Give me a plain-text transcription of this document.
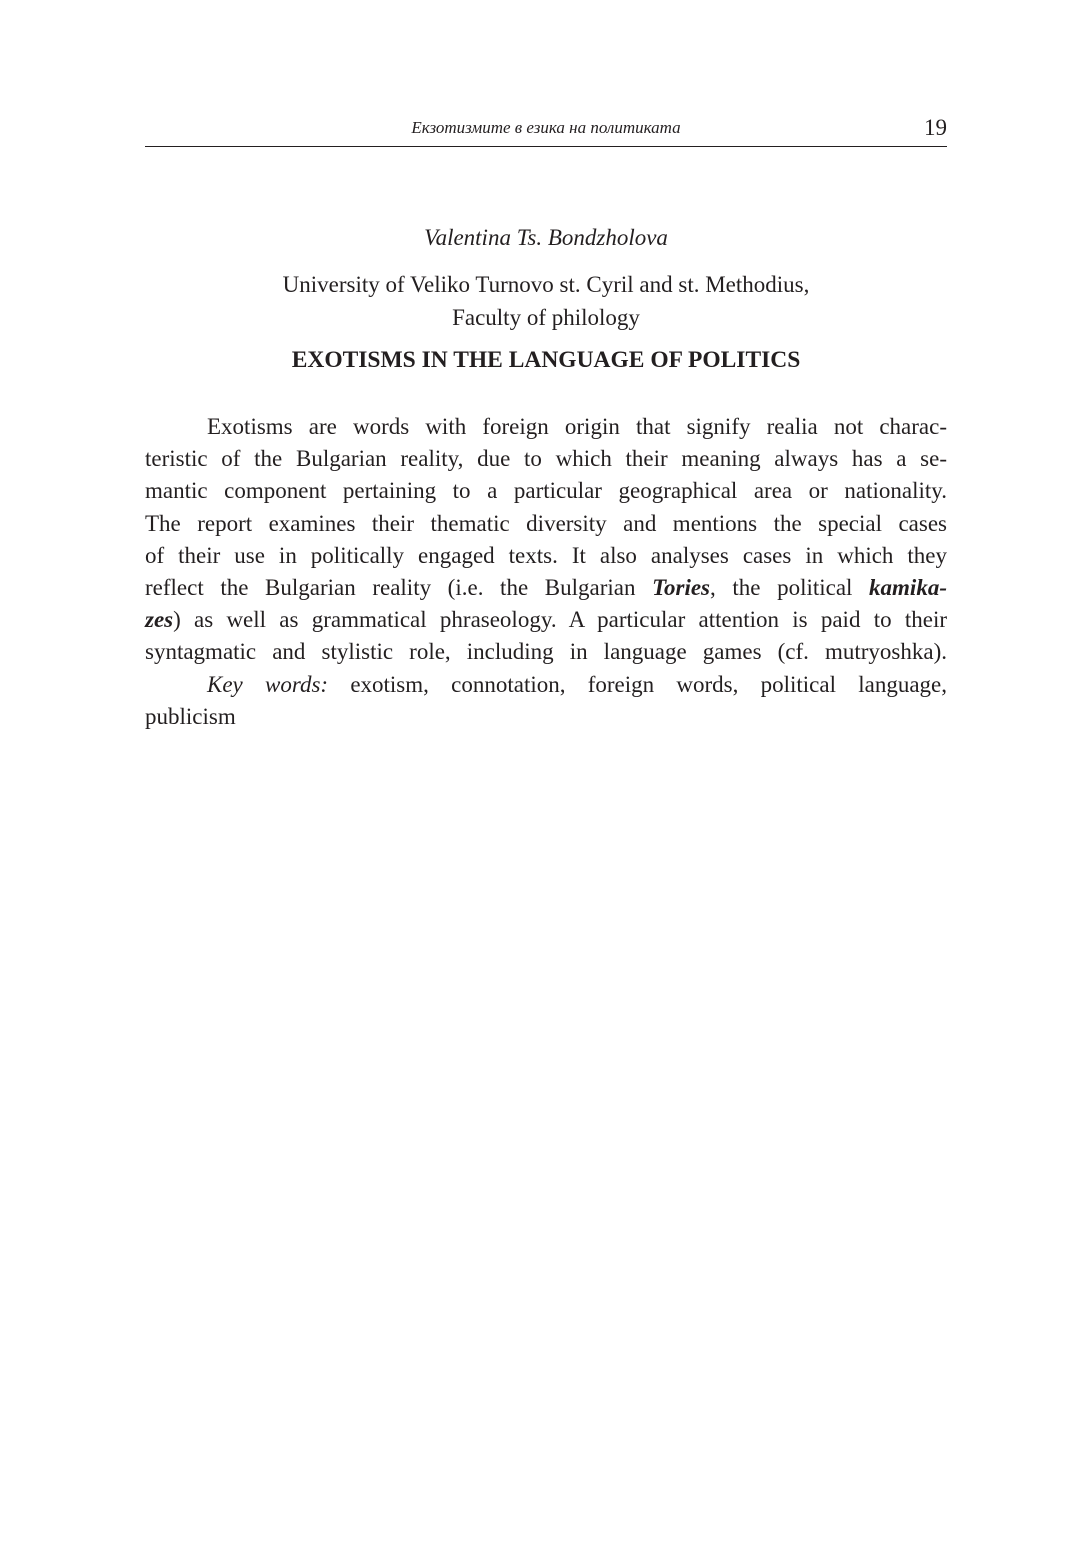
Екзотизмите в езика на политиката	19
Valentina Ts. Bondzholova
University of Veliko Turnovo st. Cyril and st. Methodius,
Faculty of philology
EXOTISMS IN THE LANGUAGE OF POLITICS
Exotisms are words with foreign origin that signify realia not charac-
teristic of the Bulgarian reality, due to which their meaning always has a se-
mantic component pertaining to a particular geographical area or nationality.
The report examines their thematic diversity and mentions the special cases
of their use in politically engaged texts. It also analyses cases in which they
reflect the Bulgarian reality (i.e. the Bulgarian Tories, the political kamika-
zes) as well as grammatical phraseology. A particular attention is paid to their
syntagmatic and stylistic role, including in language games (cf. mutryoshka).
Key words: exotism, connotation, foreign words, political language,
publicism
